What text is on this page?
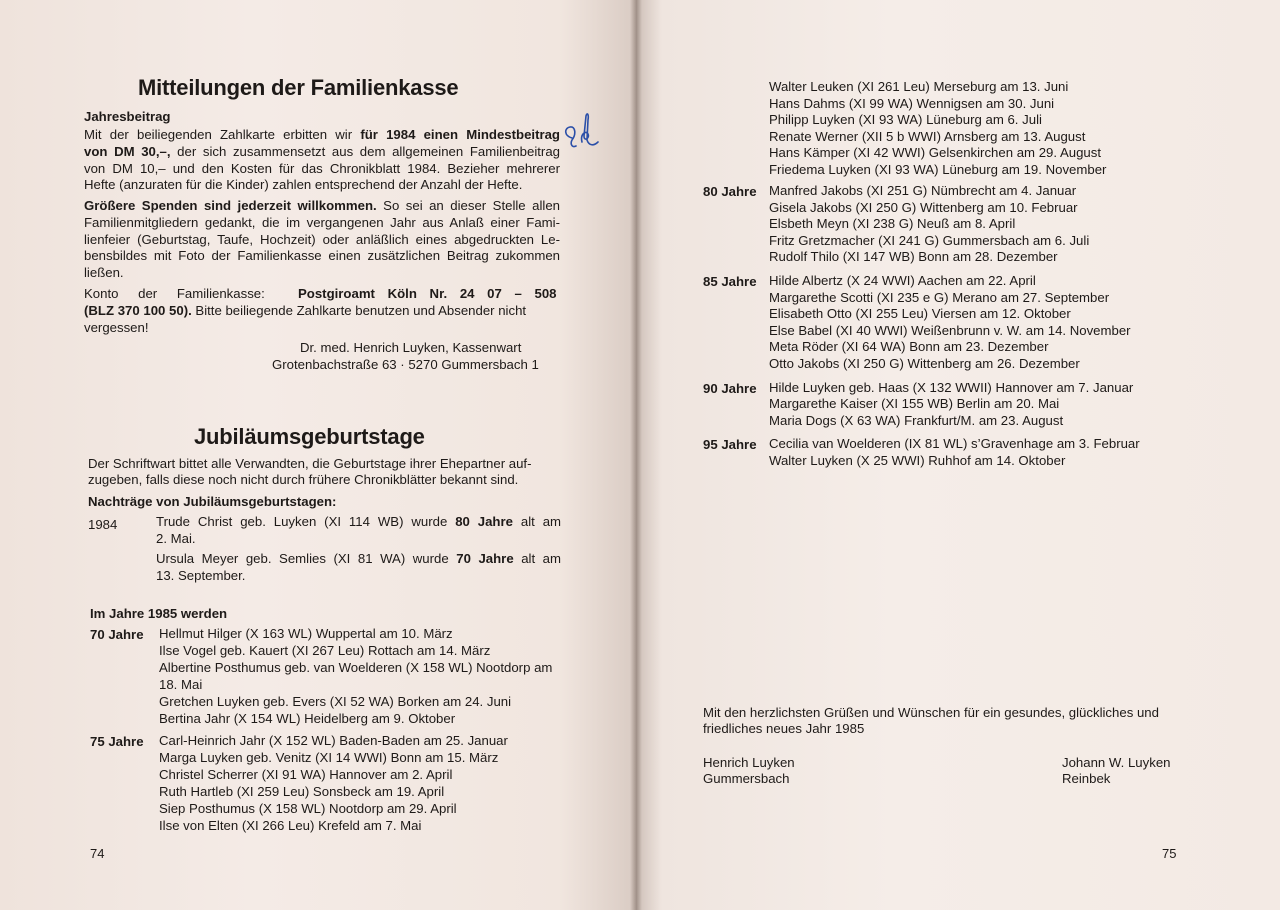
Mitteilungen der Familienkasse
Jahresbeitrag
Mit der beiliegenden Zahlkarte erbitten wir für 1984 einen Mindestbeitrag
von DM 30,–, der sich zusammensetzt aus dem allgemeinen Familienbeitrag
von DM 10,– und den Kosten für das Chronikblatt 1984. Bezieher mehrerer
Hefte (anzuraten für die Kinder) zahlen entsprechend der Anzahl der Hefte.
Größere Spenden sind jederzeit willkommen. So sei an dieser Stelle allen
Familienmitgliedern gedankt, die im vergangenen Jahr aus Anlaß einer Fami-
lienfeier (Geburtstag, Taufe, Hochzeit) oder anläßlich eines abgedruckten Le-
bensbildes mit Foto der Familienkasse einen zusätzlichen Beitrag zukommen
ließen.
Konto der Familienkasse:	Postgiroamt Köln Nr. 24 07 – 508
(BLZ 370 100 50). Bitte beiliegende Zahlkarte benutzen und Absender nicht
vergessen!
Dr. med. Henrich Luyken, Kassenwart
Grotenbachstraße 63 · 5270 Gummersbach 1
Jubiläumsgeburtstage
Der Schriftwart bittet alle Verwandten, die Geburtstage ihrer Ehepartner auf-
zugeben, falls diese noch nicht durch frühere Chronikblätter bekannt sind.
Nachträge von Jubiläumsgeburtstagen:
1984	Trude Christ geb. Luyken (XI 114 WB) wurde 80 Jahre alt am
2. Mai.
Ursula Meyer geb. Semlies (XI 81 WA) wurde 70 Jahre alt am
13. September.
Im Jahre 1985 werden
70 Jahre Hellmut Hilger (X 163 WL) Wuppertal am 10. März
Ilse Vogel geb. Kauert (XI 267 Leu) Rottach am 14. März
Albertine Posthumus geb. van Woelderen (X 158 WL) Nootdorp am
18. Mai
Gretchen Luyken geb. Evers (XI 52 WA) Borken am 24. Juni
Bertina Jahr (X 154 WL) Heidelberg am 9. Oktober
75 Jahre Carl-Heinrich Jahr (X 152 WL) Baden-Baden am 25. Januar
Marga Luyken geb. Venitz (XI 14 WWI) Bonn am 15. März
Christel Scherrer (XI 91 WA) Hannover am 2. April
Ruth Hartleb (XI 259 Leu) Sonsbeck am 19. April
Siep Posthumus (X 158 WL) Nootdorp am 29. April
Ilse von Elten (XI 266 Leu) Krefeld am 7. Mai
74
Walter Leuken (XI 261 Leu) Merseburg am 13. Juni
Hans Dahms (XI 99 WA) Wennigsen am 30. Juni
Philipp Luyken (XI 93 WA) Lüneburg am 6. Juli
Renate Werner (XII 5 b WWI) Arnsberg am 13. August
Hans Kämper (XI 42 WWI) Gelsenkirchen am 29. August
Friedema Luyken (XI 93 WA) Lüneburg am 19. November
80 Jahre Manfred Jakobs (XI 251 G) Nümbrecht am 4. Januar
Gisela Jakobs (XI 250 G) Wittenberg am 10. Februar
Elsbeth Meyn (XI 238 G) Neuß am 8. April
Fritz Gretzmacher (XI 241 G) Gummersbach am 6. Juli
Rudolf Thilo (XI 147 WB) Bonn am 28. Dezember
85 Jahre Hilde Albertz (X 24 WWI) Aachen am 22. April
Margarethe Scotti (XI 235 e G) Merano am 27. September
Elisabeth Otto (XI 255 Leu) Viersen am 12. Oktober
Else Babel (XI 40 WWI) Weißenbrunn v. W. am 14. November
Meta Röder (XI 64 WA) Bonn am 23. Dezember
Otto Jakobs (XI 250 G) Wittenberg am 26. Dezember
90 Jahre Hilde Luyken geb. Haas (X 132 WWII) Hannover am 7. Januar
Margarethe Kaiser (XI 155 WB) Berlin am 20. Mai
Maria Dogs (X 63 WA) Frankfurt/M. am 23. August
95 Jahre Cecilia van Woelderen (IX 81 WL) s’Gravenhage am 3. Februar
Walter Luyken (X 25 WWI) Ruhhof am 14. Oktober
Mit den herzlichsten Grüßen und Wünschen für ein gesundes, glückliches und
friedliches neues Jahr 1985
Henrich Luyken
Gummersbach
Johann W. Luyken
Reinbek
75
